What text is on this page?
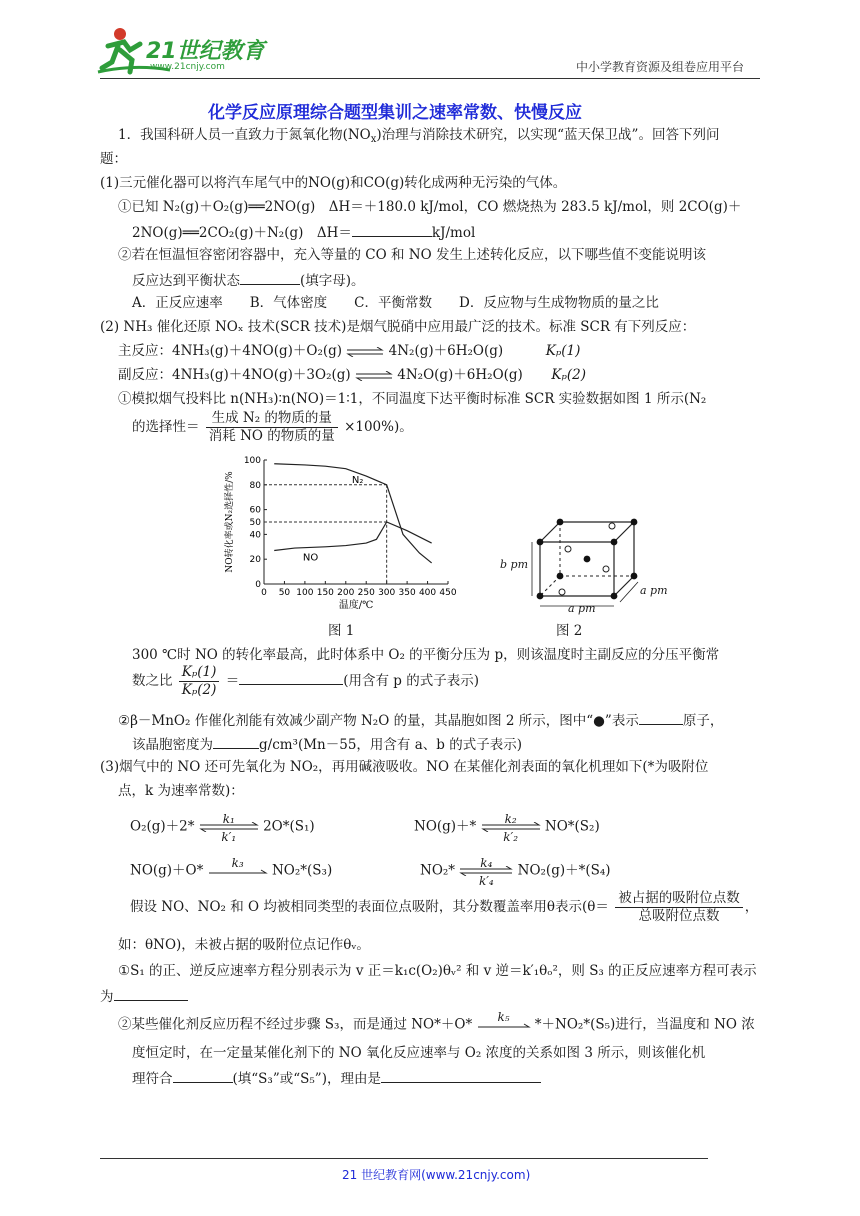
21世纪教育
www.21cnjy.com	中小学教育资源及组卷应用平台
化学反应原理综合题型集训之速率常数、快慢反应
1．我国科研人员一直致力于氮氧化物$(NO_x)$治理与消除技术研究，以实现“蓝天保卫战”。回答下列问
题：
(1)三元催化器可以将汽车尾气中的NO(g)和CO(g)转化成两种无污染的气体。
①已知 N₂(g)＋O₂(g)══2NO(g)　ΔH＝＋180.0 kJ/mol，CO 燃烧热为 283.5 kJ/mol，则 2CO(g)＋
2NO(g)══2CO₂(g)＋N₂(g)　ΔH＝	kJ/mol
②若在恒温恒容密闭容器中，充入等量的 CO 和 NO 发生上述转化反应，以下哪些值不变能说明该
反应达到平衡状态	(填字母)。
A．正反应速率　　B．气体密度　　C．平衡常数　　D．反应物与生成物物质的量之比
(2) NH₃ 催化还原 NOₓ 技术(SCR 技术)是烟气脱硝中应用最广泛的技术。标准 SCR 有下列反应：
主反应：4NH₃(g)＋4NO(g)＋O₂(g) ⇌ 4N₂(g)＋6H₂O(g)	Kₚ(1)
副反应：4NH₃(g)＋4NO(g)＋3O₂(g) ⇌ 4N₂O(g)＋6H₂O(g) Kₚ(2)
①模拟烟气投料比 n(NH₃)∶n(NO)＝1∶1，不同温度下达平衡时标准 SCR 实验数据如图 1 所示(N₂
的选择性＝ $\frac{\text{生成 N₂ 的物质的量}}{\text{消耗 NO 的物质的量}} \times 100\%$)。
0 50 100 150 200 250 300 350 400 450
0
20
40
50
60
80
100
N₂
NO
温度/℃
NO转化率或N₂选择性/%
图 1
b pm
a pm
a pm
图 2
300 ℃时 NO 的转化率最高，此时体系中 O₂ 的平衡分压为 p，则该温度时主副反应的分压平衡常
数之比 $\frac{\text{Kₚ(1)}}{\text{Kₚ(2)}}$ ＝	(用含有 p 的式子表示)
②β－MnO₂ 作催化剂能有效减少副产物 N₂O 的量，其晶胞如图 2 所示，图中“●”表示	原子，
该晶胞密度为	g/cm³(Mn－55，用含有 a、b 的式子表示)
(3)烟气中的 NO 还可先氧化为 NO₂，再用碱液吸收。NO 在某催化剂表面的氧化机理如下(*为吸附位
点，k 为速率常数)：
O₂(g)＋2*	k₁
k′₁
2O*(S₁)	NO(g)＋*	k₂
k′₂
NO*(S₂)
NO(g)＋O*	k₃	NO₂*(S₃)	NO₂*	k₄
k′₄
NO₂(g)＋*(S₄)
假设 NO、NO₂ 和 O 均被相同类型的表面位点吸附，其分数覆盖率用θ表示($\theta= \frac{\text{被占据的吸附位点数}}{\text{总吸附位点数}}$ ，
如：θNO)，未被占据的吸附位点记作θᵥ。
①S₁ 的正、逆反应速率方程分别表示为 v 正＝k₁c(O₂)θᵥ² 和 v 逆＝k′₁θₒ²，则 S₃ 的正反应速率方程可表示
为
②某些催化剂反应历程不经过步骤 S₃，而是通过 NO*＋O*	k₅	*＋NO₂*(S₅)进行，当温度和 NO 浓
度恒定时，在一定量某催化剂下的 NO 氧化反应速率与 O₂ 浓度的关系如图 3 所示，则该催化机
理符合	(填“S₃”或“S₅”)，理由是
21 世纪教育网(www.21cnjy.com)
